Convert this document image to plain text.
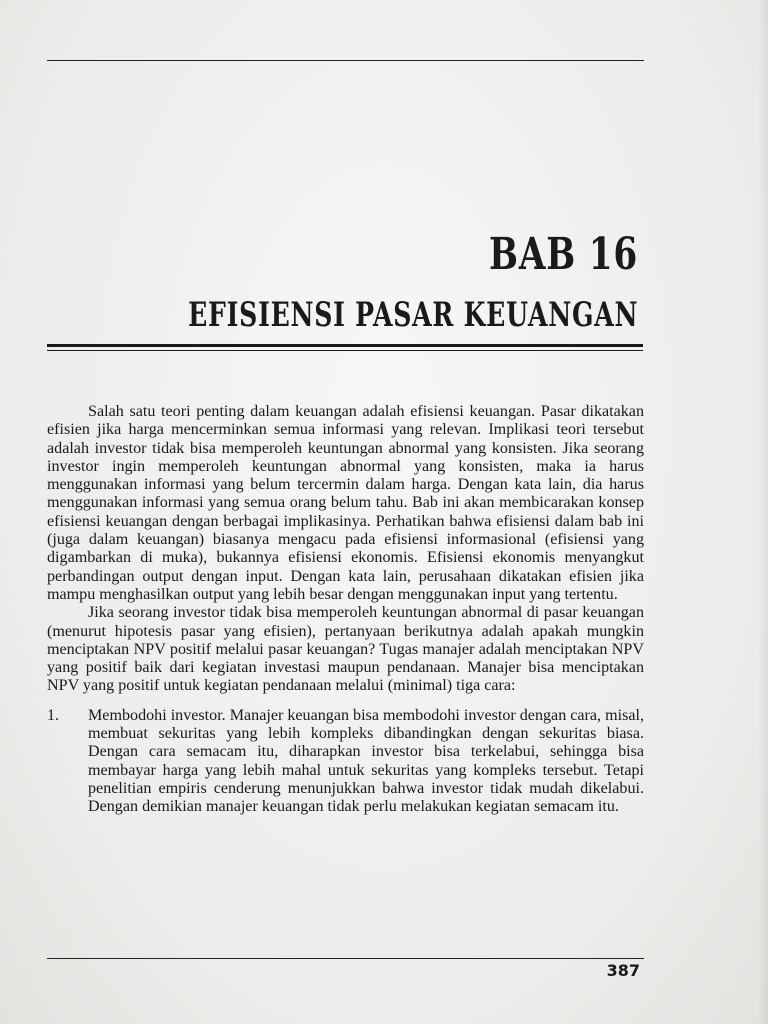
BAB 16
EFISIENSI PASAR KEUANGAN

Salah satu teori penting dalam keuangan adalah efisiensi keuangan. Pasar dikatakan efisien jika harga mencerminkan semua informasi yang relevan. Implikasi teori tersebut adalah investor tidak bisa memperoleh keuntungan abnormal yang konsisten. Jika seorang investor ingin memperoleh keuntungan abnormal yang konsisten, maka ia harus menggunakan informasi yang belum tercermin dalam harga. Dengan kata lain, dia harus menggunakan informasi yang semua orang belum tahu. Bab ini akan membicarakan konsep efisiensi keuangan dengan berbagai implikasinya. Perhatikan bahwa efisiensi dalam bab ini (juga dalam keuangan) biasanya mengacu pada efisiensi informasional (efisiensi yang digambarkan di muka), bukannya efisiensi ekonomis. Efisiensi ekonomis menyangkut perbandingan output dengan input. Dengan kata lain, perusahaan dikatakan efisien jika mampu menghasilkan output yang lebih besar dengan menggunakan input yang tertentu.

Jika seorang investor tidak bisa memperoleh keuntungan abnormal di pasar keuangan (menurut hipotesis pasar yang efisien), pertanyaan berikutnya adalah apakah mungkin menciptakan NPV positif melalui pasar keuangan? Tugas manajer adalah menciptakan NPV yang positif baik dari kegiatan investasi maupun pendanaan. Manajer bisa menciptakan NPV yang positif untuk kegiatan pendanaan melalui (minimal) tiga cara:

1.	Membodohi investor. Manajer keuangan bisa membodohi investor dengan cara, misal, membuat sekuritas yang lebih kompleks dibandingkan dengan sekuritas biasa. Dengan cara semacam itu, diharapkan investor bisa terkelabui, sehingga bisa membayar harga yang lebih mahal untuk sekuritas yang kompleks tersebut. Tetapi penelitian empiris cenderung menunjukkan bahwa investor tidak mudah dikelabui. Dengan demikian manajer keuangan tidak perlu melakukan kegiatan semacam itu.
387
